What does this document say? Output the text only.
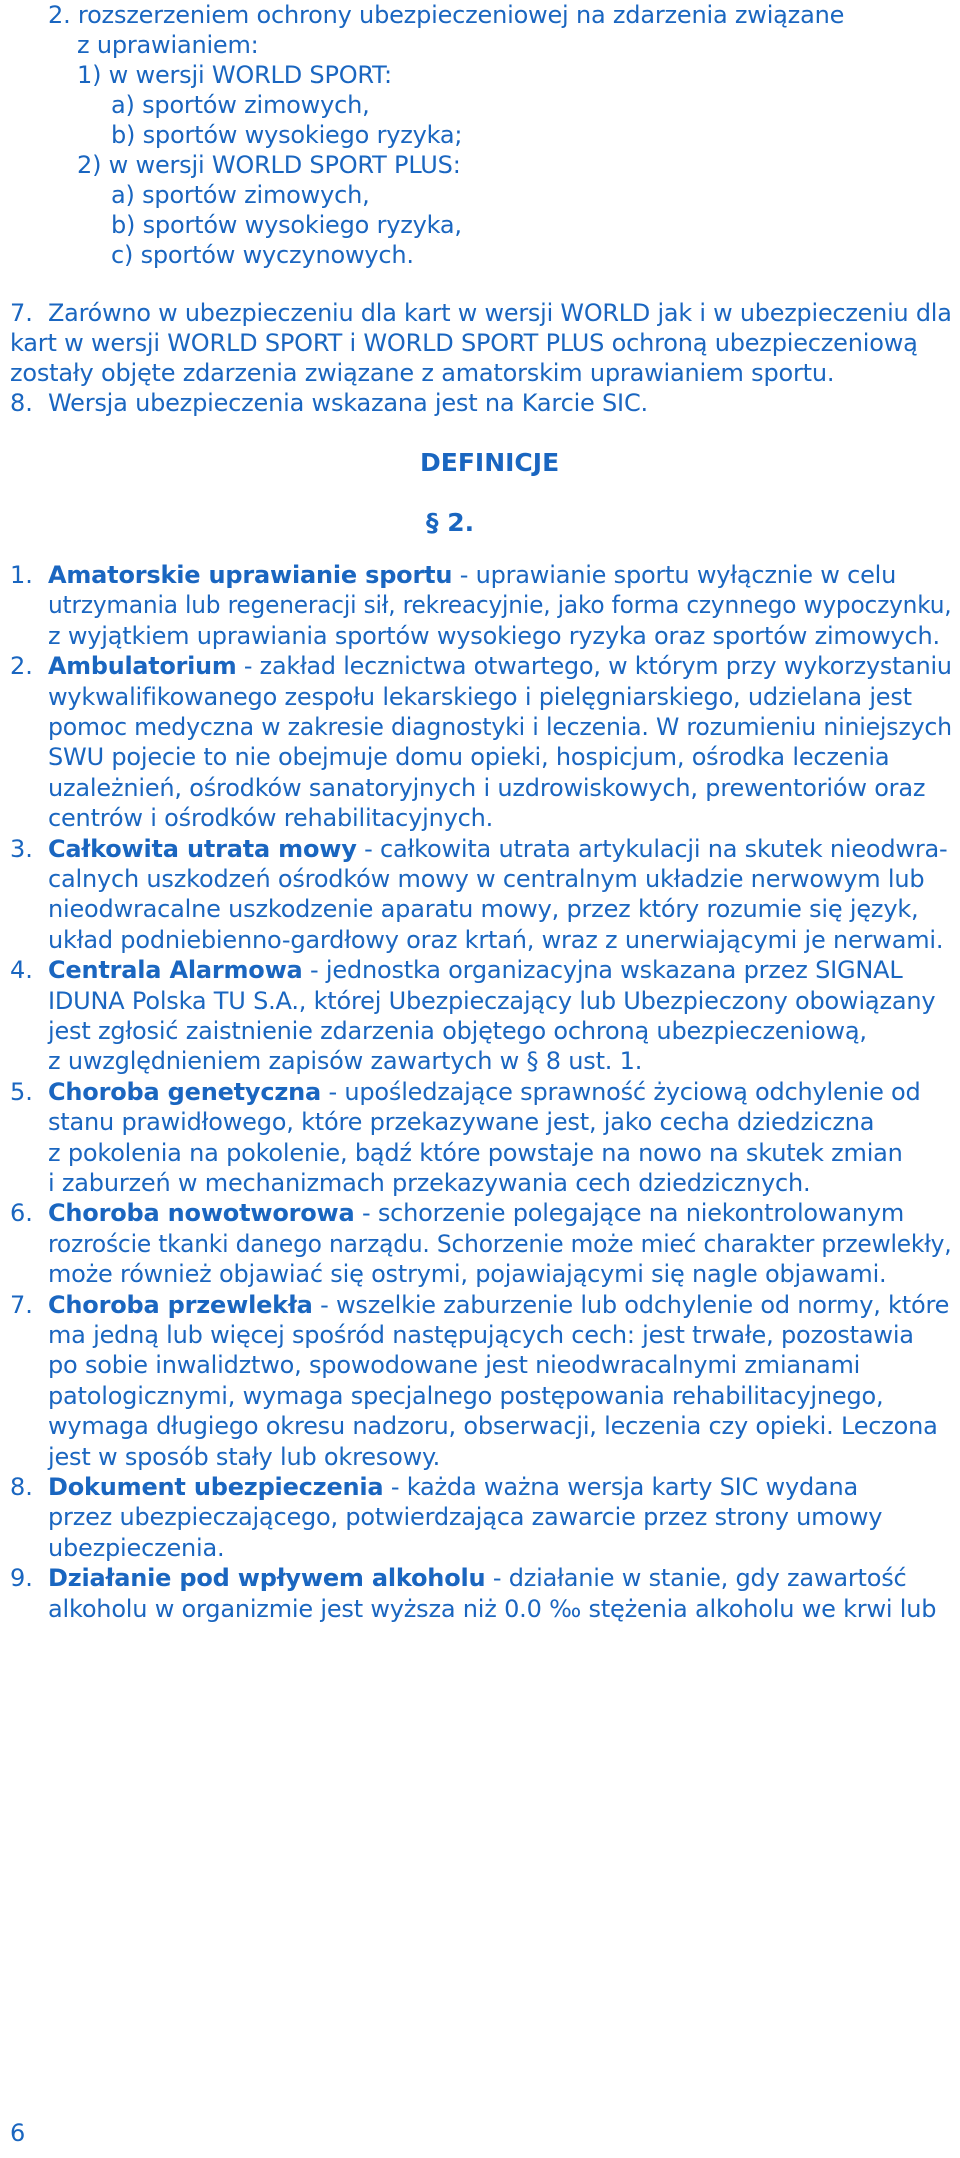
2. rozszerzeniem ochrony ubezpieczeniowej na zdarzenia związane
z uprawianiem:
1) w wersji WORLD SPORT:
a) sportów zimowych,
b) sportów wysokiego ryzyka;
2) w wersji WORLD SPORT PLUS:
a) sportów zimowych,
b) sportów wysokiego ryzyka,
c) sportów wyczynowych.
7. Zarówno w ubezpieczeniu dla kart w wersji WORLD jak i w ubezpieczeniu dla
kart w wersji WORLD SPORT i WORLD SPORT PLUS ochroną ubezpieczeniową
zostały objęte zdarzenia związane z amatorskim uprawianiem sportu.
8. Wersja ubezpieczenia wskazana jest na Karcie SIC.
DEFINICJE
§ 2.
1. Amatorskie uprawianie sportu - uprawianie sportu wyłącznie w celu
utrzymania lub regeneracji sił, rekreacyjnie, jako forma czynnego wypoczynku,
z wyjątkiem uprawiania sportów wysokiego ryzyka oraz sportów zimowych.
2. Ambulatorium - zakład lecznictwa otwartego, w którym przy wykorzystaniu
wykwalifikowanego zespołu lekarskiego i pielęgniarskiego, udzielana jest
pomoc medyczna w zakresie diagnostyki i leczenia. W rozumieniu niniejszych
SWU pojecie to nie obejmuje domu opieki, hospicjum, ośrodka leczenia
uzależnień, ośrodków sanatoryjnych i uzdrowiskowych, prewentoriów oraz
centrów i ośrodków rehabilitacyjnych.
3. Całkowita utrata mowy - całkowita utrata artykulacji na skutek nieodwra-
calnych uszkodzeń ośrodków mowy w centralnym układzie nerwowym lub
nieodwracalne uszkodzenie aparatu mowy, przez który rozumie się język,
układ podniebienno-gardłowy oraz krtań, wraz z unerwiającymi je nerwami.
4. Centrala Alarmowa - jednostka organizacyjna wskazana przez SIGNAL
IDUNA Polska TU S.A., której Ubezpieczający lub Ubezpieczony obowiązany
jest zgłosić zaistnienie zdarzenia objętego ochroną ubezpieczeniową,
z uwzględnieniem zapisów zawartych w § 8 ust. 1.
5. Choroba genetyczna - upośledzające sprawność życiową odchylenie od
stanu prawidłowego, które przekazywane jest, jako cecha dziedziczna
z pokolenia na pokolenie, bądź które powstaje na nowo na skutek zmian
i zaburzeń w mechanizmach przekazywania cech dziedzicznych.
6. Choroba nowotworowa - schorzenie polegające na niekontrolowanym
rozroście tkanki danego narządu. Schorzenie może mieć charakter przewlekły,
może również objawiać się ostrymi, pojawiającymi się nagle objawami.
7. Choroba przewlekła - wszelkie zaburzenie lub odchylenie od normy, które
ma jedną lub więcej spośród następujących cech: jest trwałe, pozostawia
po sobie inwalidztwo, spowodowane jest nieodwracalnymi zmianami
patologicznymi, wymaga specjalnego postępowania rehabilitacyjnego,
wymaga długiego okresu nadzoru, obserwacji, leczenia czy opieki. Leczona
jest w sposób stały lub okresowy.
8. Dokument ubezpieczenia - każda ważna wersja karty SIC wydana
przez ubezpieczającego, potwierdzająca zawarcie przez strony umowy
ubezpieczenia.
9. Działanie pod wpływem alkoholu - działanie w stanie, gdy zawartość
alkoholu w organizmie jest wyższa niż 0.0 ‰ stężenia alkoholu we krwi lub
6
